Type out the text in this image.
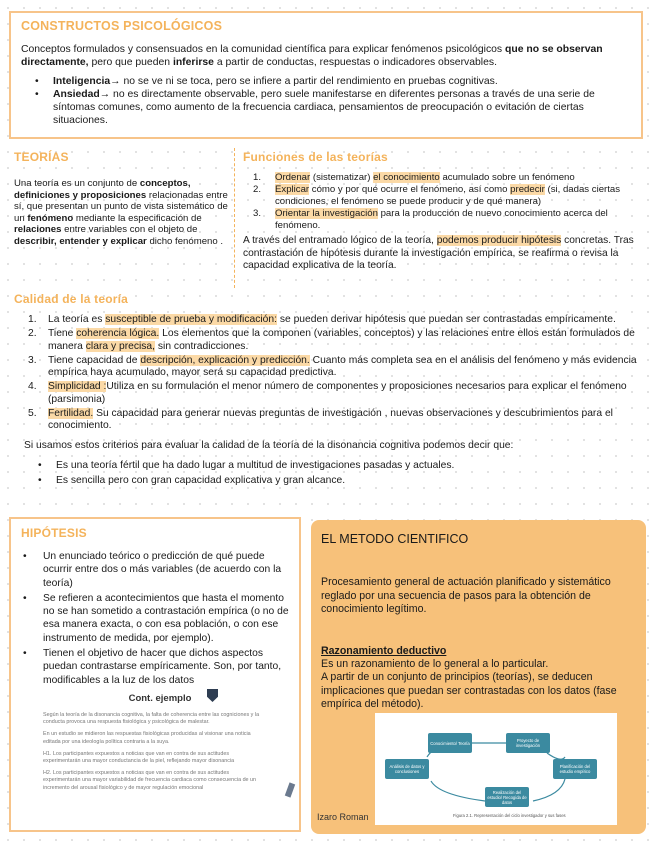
CONSTRUCTOS PSICOLÓGICOS

Conceptos formulados y consensuados en la comunidad científica para explicar fenómenos psicológicos que no se observan directamente, pero que pueden inferirse a partir de conductas, respuestas o indicadores observables.

• Inteligencia→ no se ve ni se toca, pero se infiere a partir del rendimiento en pruebas cognitivas.
• Ansiedad→ no es directamente observable, pero suele manifestarse en diferentes personas a través de una serie de síntomas comunes, como aumento de la frecuencia cardiaca, pensamientos de preocupación o evitación de ciertas situaciones.
TEORÍAS

Una teoría es un conjunto de conceptos, definiciones y proposiciones relacionadas entre sí, que presentan un punto de vista sistemático de un fenómeno mediante la especificación de relaciones entre variables con el objeto de describir, entender y explicar dicho fenómeno .

Funciones de las teorías
1. Ordenar (sistematizar) el conocimiento acumulado sobre un fenómeno
2. Explicar cómo y por qué ocurre el fenómeno, así como predecir (si, dadas ciertas condiciones, el fenómeno se puede producir y de qué manera)
3. Orientar la investigación para la producción de nuevo conocimiento acerca del fenómeno.

A través del entramado lógico de la teoría, podemos producir hipótesis concretas. Tras contrastación de hipótesis durante la investigación empírica, se reafirma o revisa la capacidad explicativa de la teoría.

Calidad de la teoría
1. La teoría es susceptible de prueba y modificación: se pueden derivar hipótesis que puedan ser contrastadas empíricamente.
2. Tiene coherencia lógica. Los elementos que la componen (variables, conceptos) y las relaciones entre ellos están formulados de manera clara y precisa, sin contradicciones.
3. Tiene capacidad de descripción, explicación y predicción. Cuanto más completa sea en el análisis del fenómeno y más evidencia empírica haya acumulado, mayor será su capacidad predictiva.
4. Simplicidad :Utiliza en su formulación el menor número de componentes y proposiciones necesarios para explicar el fenómeno (parsimonia)
5. Fertilidad. Su capacidad para generar nuevas preguntas de investigación , nuevas observaciones y descubrimientos para el conocimiento.

Si usamos estos criterios para evaluar la calidad de la teoría de la disonancia cognitiva podemos decir que:

• Es una teoría fértil que ha dado lugar a multitud de investigaciones pasadas y actuales.
• Es sencilla pero con gran capacidad explicativa y gran alcance.
HIPÓTESIS
• Un enunciado teórico o predicción de qué puede ocurrir entre dos o más variables (de acuerdo con la teoría)
• Se refieren a acontecimientos que hasta el momento no se han sometido a contrastación empírica (o no de esa manera exacta, o con esa población, o con ese instrumento de medida, por ejemplo).
• Tienen el objetivo de hacer que dichos aspectos puedan contrastarse empíricamente. Son, por tanto, modificables a la luz de los datos
Cont. ejemplo

Según la teoría de la disonancia cognitiva, la falta de coherencia entre las cogniciones y la conducta provoca una respuesta fisiológica y psicológica de malestar.

En un estudio se midieron las respuestas fisiológicas producidas al visionar una noticia editada por una ideología política contraria a la suya.

H1. Los participantes expuestos a noticias que van en contra de sus actitudes experimentarán una mayor conductancia de la piel, reflejando mayor disonancia

H2. Los participantes expuestos a noticias que van en contra de sus actitudes experimentarán una mayor variabilidad de frecuencia cardiaca como consecuencia de un incremento del arousal fisiológico y de mayor regulación emocional

EL METODO CIENTIFICO

Procesamiento general de actuación planificado y sistemático reglado por una secuencia de pasos para la obtención de conocimiento legítimo.

Razonamiento deductivo

Es un razonamiento de lo general a lo particular.

A partir de un conjunto de principios (teorías), se deducen implicaciones que puedan ser contrastadas con los datos (fase empírica del método).

Conocimiento/ Teoría	Proyecto de investigación
Análisis de datos y conclusiones
Planificación del estudio empírico
Realización del estudio/ Recogida de datos
Figura 2.1. Representación del ciclo investigador y sus fases
Izaro Roman
